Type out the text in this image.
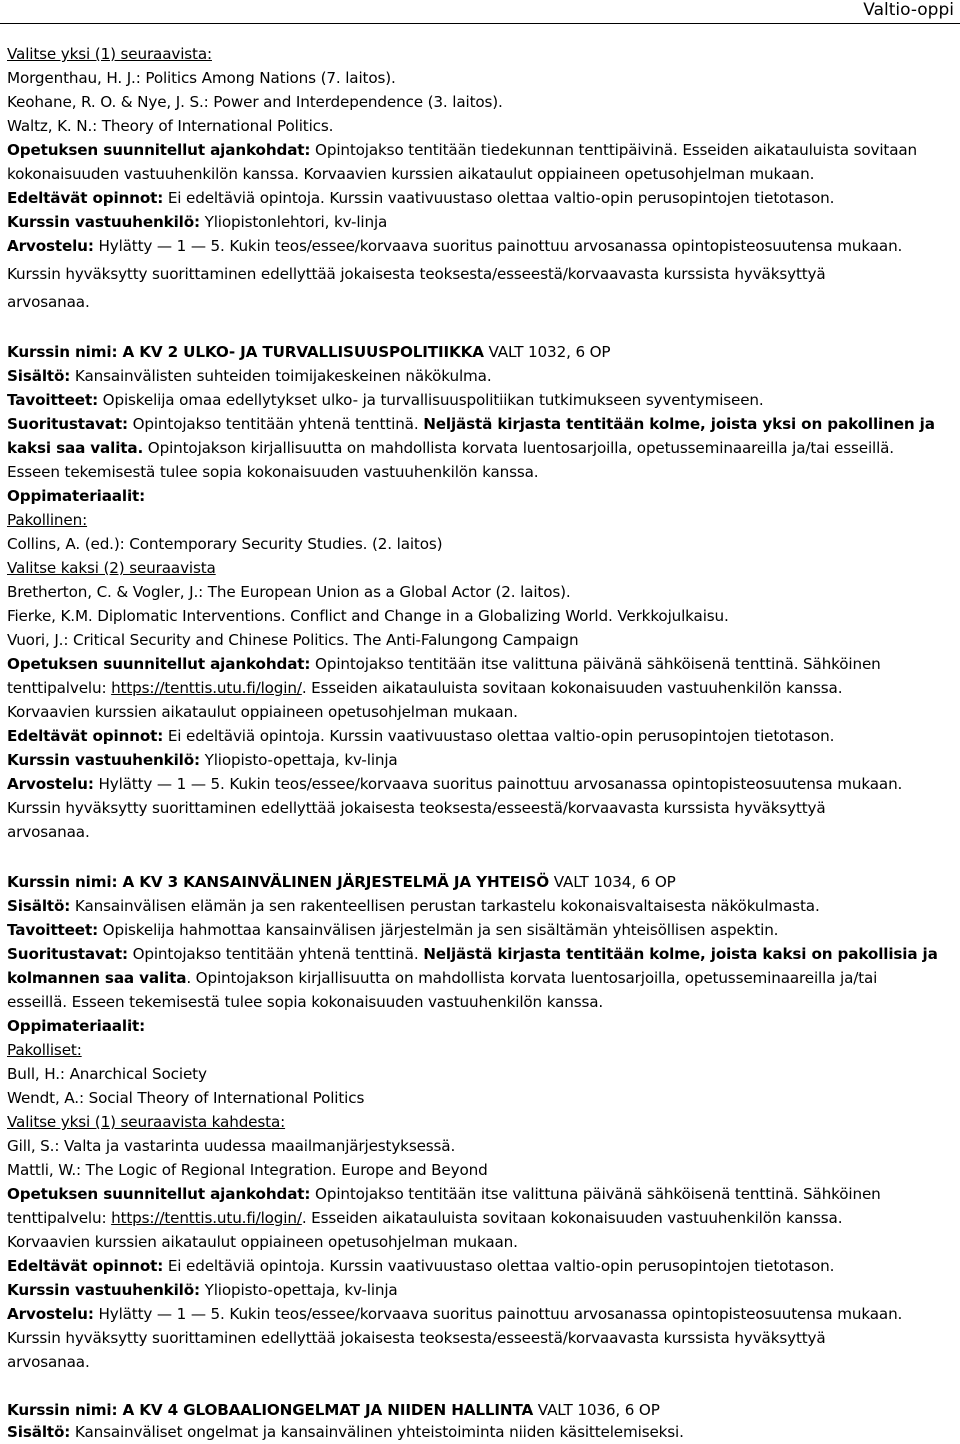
Valtio-oppi
Valitse yksi (1) seuraavista:
Morgenthau, H. J.: Politics Among Nations (7. laitos).
Keohane, R. O. & Nye, J. S.: Power and Interdependence (3. laitos).
Waltz, K. N.: Theory of International Politics.
Opetuksen suunnitellut ajankohdat: Opintojakso tentitään tiedekunnan tenttipäivinä. Esseiden aikatauluista sovitaan
kokonaisuuden vastuuhenkilön kanssa. Korvaavien kurssien aikataulut oppiaineen opetusohjelman mukaan.
Edeltävät opinnot: Ei edeltäviä opintoja. Kurssin vaativuustaso olettaa valtio-opin perusopintojen tietotason.
Kurssin vastuuhenkilö: Yliopistonlehtori, kv-linja
Arvostelu: Hylätty — 1 — 5. Kukin teos/essee/korvaava suoritus painottuu arvosanassa opintopisteosuutensa mukaan.
Kurssin hyväksytty suorittaminen edellyttää jokaisesta teoksesta/esseestä/korvaavasta kurssista hyväksyttyä
arvosanaa.
Kurssin nimi: A KV 2 ULKO- JA TURVALLISUUSPOLITIIKKA VALT 1032, 6 OP
Sisältö: Kansainvälisten suhteiden toimijakeskeinen näkökulma.
Tavoitteet: Opiskelija omaa edellytykset ulko- ja turvallisuuspolitiikan tutkimukseen syventymiseen.
Suoritustavat: Opintojakso tentitään yhtenä tenttinä. Neljästä kirjasta tentitään kolme, joista yksi on pakollinen ja
kaksi saa valita. Opintojakson kirjallisuutta on mahdollista korvata luentosarjoilla, opetusseminaareilla ja/tai esseillä.
Esseen tekemisestä tulee sopia kokonaisuuden vastuuhenkilön kanssa.
Oppimateriaalit:
Pakollinen:
Collins, A. (ed.): Contemporary Security Studies. (2. laitos)
Valitse kaksi (2) seuraavista
Bretherton, C. & Vogler, J.: The European Union as a Global Actor (2. laitos).
Fierke, K.M. Diplomatic Interventions. Conflict and Change in a Globalizing World. Verkkojulkaisu.
Vuori, J.: Critical Security and Chinese Politics. The Anti-Falungong Campaign
Opetuksen suunnitellut ajankohdat: Opintojakso tentitään itse valittuna päivänä sähköisenä tenttinä. Sähköinen
tenttipalvelu: https://tenttis.utu.fi/login/. Esseiden aikatauluista sovitaan kokonaisuuden vastuuhenkilön kanssa.
Korvaavien kurssien aikataulut oppiaineen opetusohjelman mukaan.
Edeltävät opinnot: Ei edeltäviä opintoja. Kurssin vaativuustaso olettaa valtio-opin perusopintojen tietotason.
Kurssin vastuuhenkilö: Yliopisto-opettaja, kv-linja
Arvostelu: Hylätty — 1 — 5. Kukin teos/essee/korvaava suoritus painottuu arvosanassa opintopisteosuutensa mukaan.
Kurssin hyväksytty suorittaminen edellyttää jokaisesta teoksesta/esseestä/korvaavasta kurssista hyväksyttyä
arvosanaa.
Kurssin nimi: A KV 3 KANSAINVÄLINEN JÄRJESTELMÄ JA YHTEISÖ VALT 1034, 6 OP
Sisältö: Kansainvälisen elämän ja sen rakenteellisen perustan tarkastelu kokonaisvaltaisesta näkökulmasta.
Tavoitteet: Opiskelija hahmottaa kansainvälisen järjestelmän ja sen sisältämän yhteisöllisen aspektin.
Suoritustavat: Opintojakso tentitään yhtenä tenttinä. Neljästä kirjasta tentitään kolme, joista kaksi on pakollisia ja
kolmannen saa valita. Opintojakson kirjallisuutta on mahdollista korvata luentosarjoilla, opetusseminaareilla ja/tai
esseillä. Esseen tekemisestä tulee sopia kokonaisuuden vastuuhenkilön kanssa.
Oppimateriaalit:
Pakolliset:
Bull, H.: Anarchical Society
Wendt, A.: Social Theory of International Politics
Valitse yksi (1) seuraavista kahdesta:
Gill, S.: Valta ja vastarinta uudessa maailmanjärjestyksessä.
Mattli, W.: The Logic of Regional Integration. Europe and Beyond
Opetuksen suunnitellut ajankohdat: Opintojakso tentitään itse valittuna päivänä sähköisenä tenttinä. Sähköinen
tenttipalvelu: https://tenttis.utu.fi/login/. Esseiden aikatauluista sovitaan kokonaisuuden vastuuhenkilön kanssa.
Korvaavien kurssien aikataulut oppiaineen opetusohjelman mukaan.
Edeltävät opinnot: Ei edeltäviä opintoja. Kurssin vaativuustaso olettaa valtio-opin perusopintojen tietotason.
Kurssin vastuuhenkilö: Yliopisto-opettaja, kv-linja
Arvostelu: Hylätty — 1 — 5. Kukin teos/essee/korvaava suoritus painottuu arvosanassa opintopisteosuutensa mukaan.
Kurssin hyväksytty suorittaminen edellyttää jokaisesta teoksesta/esseestä/korvaavasta kurssista hyväksyttyä
arvosanaa.
Kurssin nimi: A KV 4 GLOBAALIONGELMAT JA NIIDEN HALLINTA VALT 1036, 6 OP
Sisältö: Kansainväliset ongelmat ja kansainvälinen yhteistoiminta niiden käsittelemiseksi.
